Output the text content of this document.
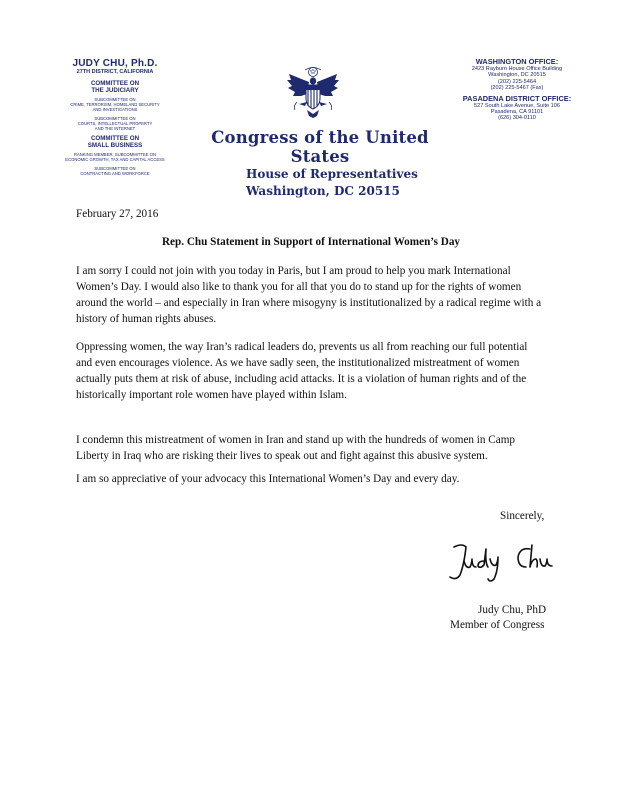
JUDY CHU, Ph.D.
27TH DISTRICT, CALIFORNIA
COMMITTEE ON
THE JUDICIARY
SUBCOMMITTEE ON
CRIME, TERRORISM, HOMELAND SECURITY
AND INVESTIGATIONS
SUBCOMMITTEE ON
COURTS, INTELLECTUAL PROPERTY
AND THE INTERNET
COMMITTEE ON
SMALL BUSINESS
RANKING MEMBER, SUBCOMMITTEE ON
ECONOMIC GROWTH, TAX AND CAPITAL ACCESS
SUBCOMMITTEE ON
CONTRACTING AND WORKFORCE
Congress of the United States
House of Representatives
Washington, DC 20515
WASHINGTON OFFICE:
2423 Rayburn House Office Building
Washington, DC 20515
(202) 225-5464
(202) 225-5467 (Fax)
PASADENA DISTRICT OFFICE:
527 South Lake Avenue, Suite 106
Pasadena, CA 91101
(626) 304-0110
February 27, 2016
Rep. Chu Statement in Support of International Women’s Day

I am sorry I could not join with you today in Paris, but I am proud to help you mark International Women’s Day. I would also like to thank you for all that you do to stand up for the rights of women around the world – and especially in Iran where misogyny is institutionalized by a radical regime with a history of human rights abuses.

Oppressing women, the way Iran’s radical leaders do, prevents us all from reaching our full potential and even encourages violence. As we have sadly seen, the institutionalized mistreatment of women actually puts them at risk of abuse, including acid attacks. It is a violation of human rights and of the historically important role women have played within Islam.

I condemn this mistreatment of women in Iran and stand up with the hundreds of women in Camp Liberty in Iraq who are risking their lives to speak out and fight against this abusive system.

I am so appreciative of your advocacy this International Women’s Day and every day.

Sincerely,
Judy Chu, PhD
Member of Congress
